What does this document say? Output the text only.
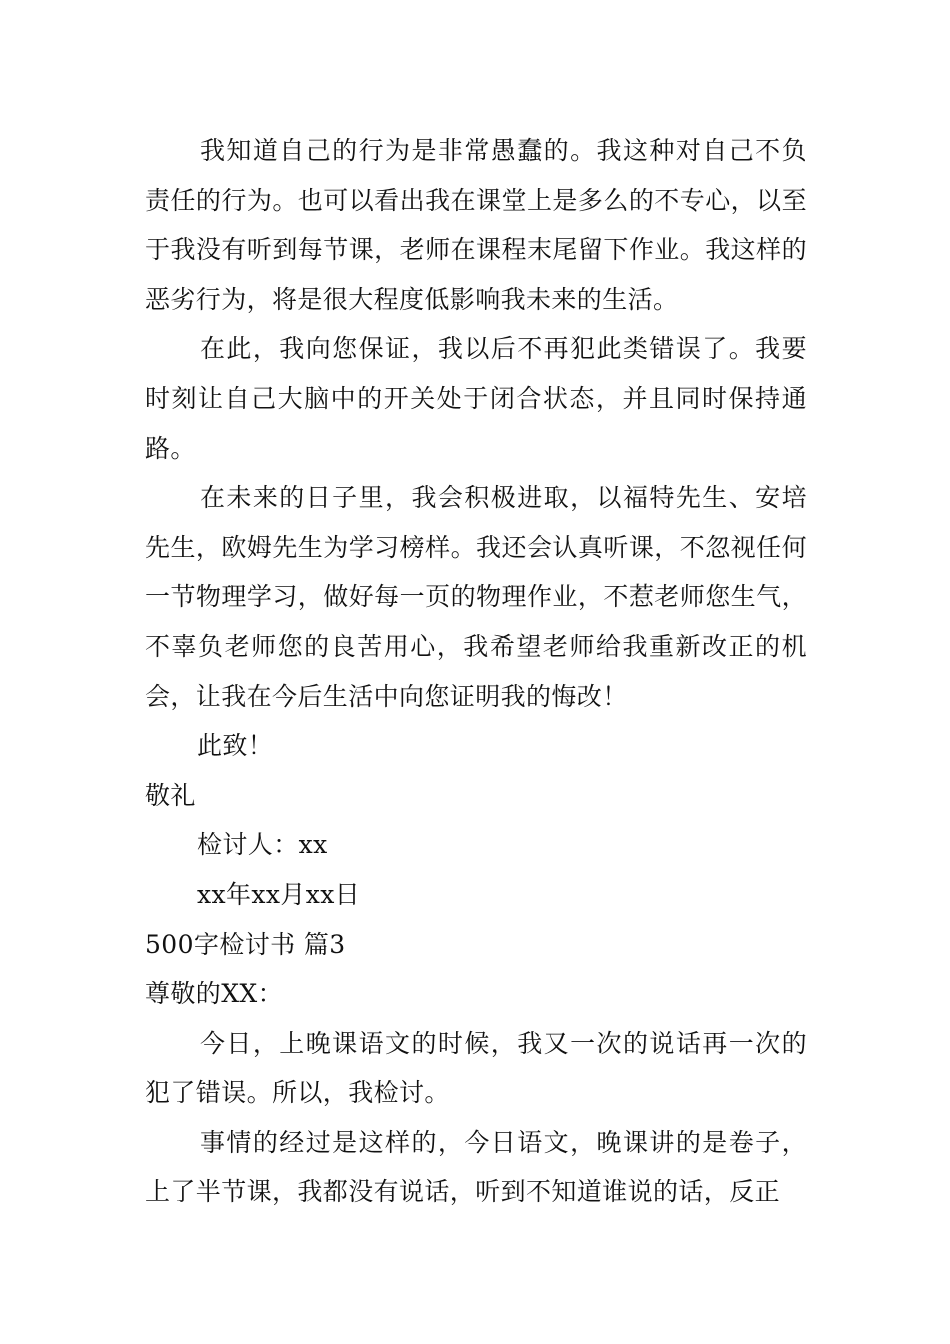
我知道自己的行为是非常愚蠢的。我这种对自己不负责任的行为。也可以看出我在课堂上是多么的不专心，以至于我没有听到每节课，老师在课程末尾留下作业。我这样的恶劣行为，将是很大程度低影响我未来的生活。

在此，我向您保证，我以后不再犯此类错误了。我要时刻让自己大脑中的开关处于闭合状态，并且同时保持通路。

在未来的日子里，我会积极进取，以福特先生、安培先生，欧姆先生为学习榜样。我还会认真听课，不忽视任何一节物理学习，做好每一页的物理作业，不惹老师您生气，不辜负老师您的良苦用心，我希望老师给我重新改正的机会，让我在今后生活中向您证明我的悔改！

此致！

敬礼

检讨人：xx

xx年xx月xx日

500字检讨书 篇3

尊敬的XX：

今日，上晚课语文的时候，我又一次的说话再一次的犯了错误。所以，我检讨。

事情的经过是这样的，今日语文，晚课讲的是卷子，上了半节课，我都没有说话，听到不知道谁说的话，反正
